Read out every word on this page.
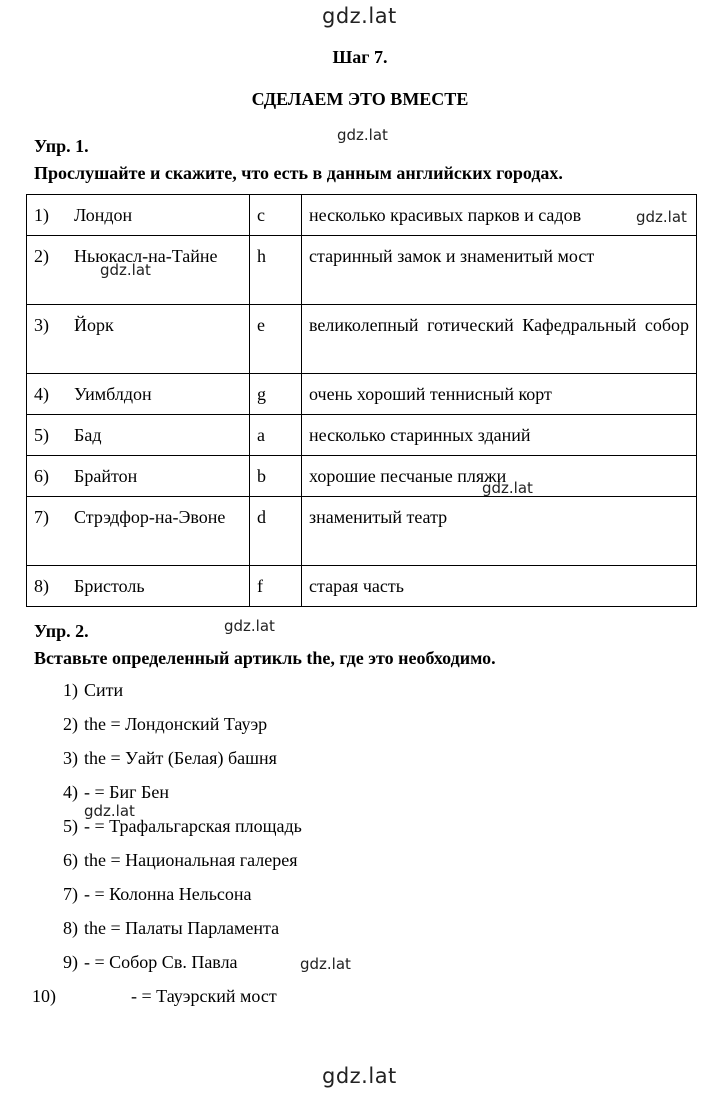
gdz.lat
gdz.lat
gdz.lat
gdz.lat
gdz.lat
gdz.lat
gdz.lat
gdz.lat
gdz.lat
Шаг 7.
СДЕЛАЕМ ЭТО ВМЕСТЕ
Упр. 1.
Прослушайте и скажите, что есть в данным английских городах.
1) Лондон	c	несколько красивых парков и садов
2) Ньюкасл-на-Тайне	h	старинный замок и знаменитый мост
3) Йорк	e	великолепный готический Кафедральный собор
4) Уимблдон	g	очень хороший теннисный корт
5) Бад	a	несколько старинных зданий
6) Брайтон	b	хорошие песчаные пляжи
7) Стрэдфор-на-Эвоне	d	знаменитый театр
8) Бристоль	f	старая часть
Упр. 2.
Вставьте определенный артикль the, где это необходимо.
1) Сити
2) the = Лондонский Тауэр
3) the = Уайт (Белая) башня
4) - = Биг Бен
5) - = Трафальгарская площадь
6) the = Национальная галерея
7) - = Колонна Нельсона
8) the = Палаты Парламента
9) - = Собор Св. Павла
10)	- = Тауэрский мост
